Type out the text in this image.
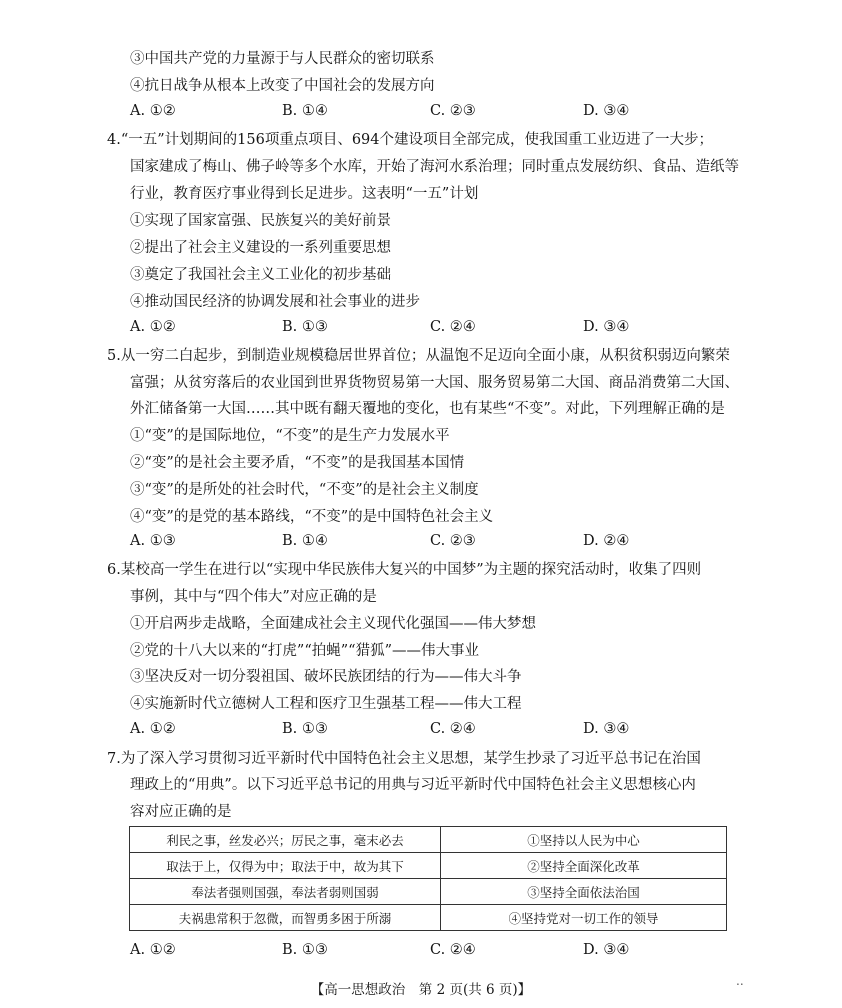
③中国共产党的力量源于与人民群众的密切联系
④抗日战争从根本上改变了中国社会的发展方向
A. ①②	B. ①④	C. ②③	D. ③④
4.“一五”计划期间的156项重点项目、694个建设项目全部完成，使我国重工业迈进了一大步；
国家建成了梅山、佛子岭等多个水库，开始了海河水系治理；同时重点发展纺织、食品、造纸等
行业，教育医疗事业得到长足进步。这表明“一五”计划
①实现了国家富强、民族复兴的美好前景
②提出了社会主义建设的一系列重要思想
③奠定了我国社会主义工业化的初步基础
④推动国民经济的协调发展和社会事业的进步
A. ①②	B. ①③	C. ②④	D. ③④
5.从一穷二白起步，到制造业规模稳居世界首位；从温饱不足迈向全面小康，从积贫积弱迈向繁荣
富强；从贫穷落后的农业国到世界货物贸易第一大国、服务贸易第二大国、商品消费第二大国、
外汇储备第一大国……其中既有翻天覆地的变化，也有某些“不变”。对此，下列理解正确的是
①“变”的是国际地位，“不变”的是生产力发展水平
②“变”的是社会主要矛盾，“不变”的是我国基本国情
③“变”的是所处的社会时代，“不变”的是社会主义制度
④“变”的是党的基本路线，“不变”的是中国特色社会主义
A. ①③	B. ①④	C. ②③	D. ②④
6.某校高一学生在进行以“实现中华民族伟大复兴的中国梦”为主题的探究活动时，收集了四则
事例，其中与“四个伟大”对应正确的是
①开启两步走战略，全面建成社会主义现代化强国——伟大梦想
②党的十八大以来的“打虎”“拍蝇”“猎狐”——伟大事业
③坚决反对一切分裂祖国、破坏民族团结的行为——伟大斗争
④实施新时代立德树人工程和医疗卫生强基工程——伟大工程
A. ①②	B. ①③	C. ②④	D. ③④
7.为了深入学习贯彻习近平新时代中国特色社会主义思想，某学生抄录了习近平总书记在治国
理政上的“用典”。以下习近平总书记的用典与习近平新时代中国特色社会主义思想核心内
容对应正确的是
利民之事，丝发必兴；厉民之事，毫末必去	①坚持以人民为中心
取法于上，仅得为中；取法于中，故为其下	②坚持全面深化改革
奉法者强则国强，奉法者弱则国弱	③坚持全面依法治国
夫祸患常积于忽微，而智勇多困于所溺	④坚持党对一切工作的领导
A. ①②	B. ①③	C. ②④	D. ③④
【高一思想政治　第 2 页(共 6 页)】
..
